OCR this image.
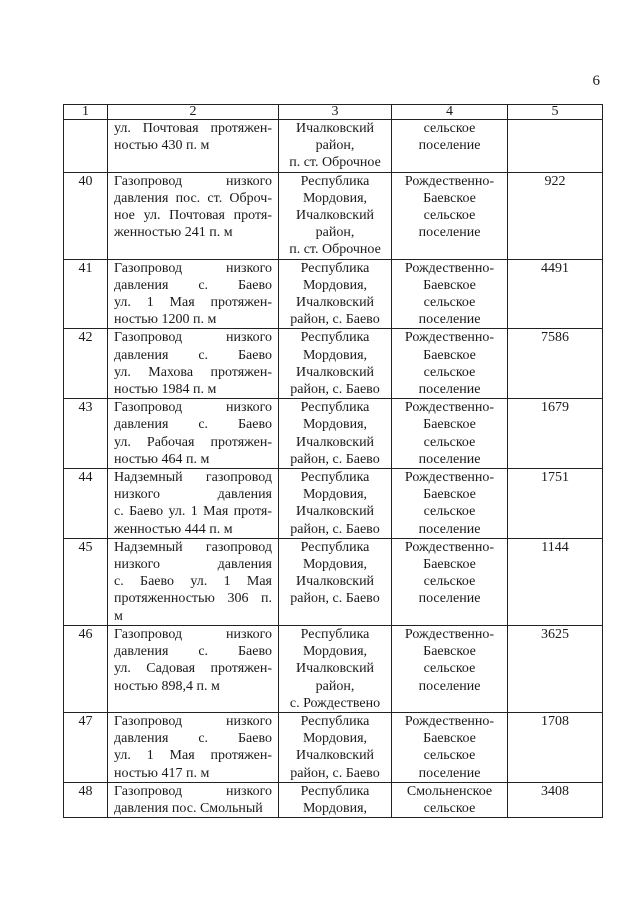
6
1	2	3	4	5

	ул. Почтовая протяжен-
ностью 430 п. м	Ичалковский
район,
п. ст. Оброчное	сельское
поселение	

40	Газопровод низкого
давления пос. ст. Оброч-
ное ул. Почтовая протя-
женностью 241 п. м	Республика
Мордовия,
Ичалковский
район,
п. ст. Оброчное	Рождественно-
Баевское
сельское
поселение	922
41	Газопровод низкого
давления с. Баево
ул. 1 Мая протяжен-
ностью 1200 п. м	Республика
Мордовия,
Ичалковский
район, с. Баево	Рождественно-
Баевское
сельское
поселение	4491
42	Газопровод низкого
давления с. Баево
ул. Махова протяжен-
ностью 1984 п. м	Республика
Мордовия,
Ичалковский
район, с. Баево	Рождественно-
Баевское
сельское
поселение	7586
43	Газопровод низкого
давления с. Баево
ул. Рабочая протяжен-
ностью 464 п. м	Республика
Мордовия,
Ичалковский
район, с. Баево	Рождественно-
Баевское
сельское
поселение	1679
44	Надземный газопровод
низкого давления
с. Баево ул. 1 Мая протя-
женностью 444 п. м	Республика
Мордовия,
Ичалковский
район, с. Баево	Рождественно-
Баевское
сельское
поселение	1751
45	Надземный газопровод
низкого давления
с. Баево ул. 1 Мая
протяженностью 306 п.
м	Республика
Мордовия,
Ичалковский
район, с. Баево	Рождественно-
Баевское
сельское
поселение	1144
46	Газопровод низкого
давления с. Баево
ул. Садовая протяжен-
ностью 898,4 п. м	Республика
Мордовия,
Ичалковский
район,
с. Рождествено	Рождественно-
Баевское
сельское
поселение	3625
47	Газопровод низкого
давления с. Баево
ул. 1 Мая протяжен-
ностью 417 п. м	Республика
Мордовия,
Ичалковский
район, с. Баево	Рождественно-
Баевское
сельское
поселение	1708
48	Газопровод низкого
давления пос. Смольный	Республика
Мордовия,	Смольненское
сельское	3408
